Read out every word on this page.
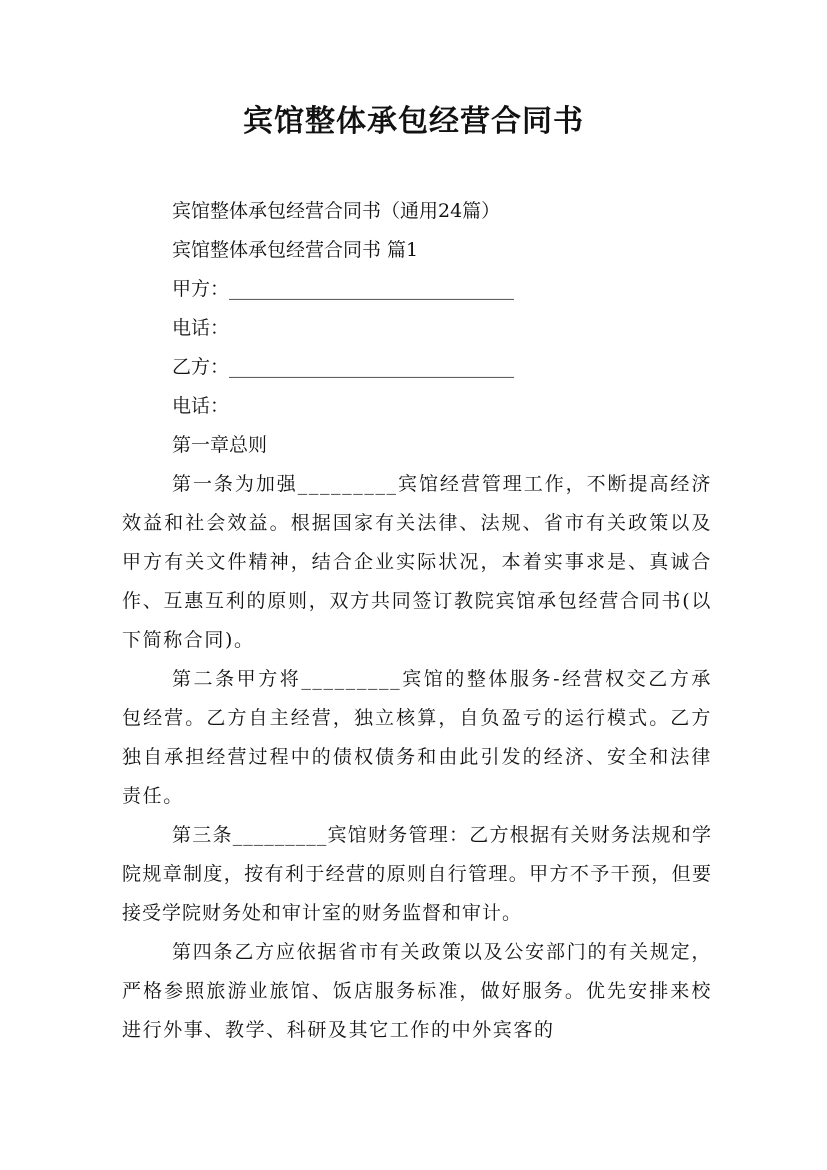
宾馆整体承包经营合同书
宾馆整体承包经营合同书（通用24篇）
宾馆整体承包经营合同书 篇1
甲方：______________________________
电话：
乙方：______________________________
电话：
第一章总则
第一条为加强_________宾馆经营管理工作，不断提高经济效益和社会效益。根据国家有关法律、法规、省市有关政策以及甲方有关文件精神，结合企业实际状况，本着实事求是、真诚合作、互惠互利的原则，双方共同签订教院宾馆承包经营合同书(以下简称合同)。
第二条甲方将_________宾馆的整体服务-经营权交乙方承包经营。乙方自主经营，独立核算，自负盈亏的运行模式。乙方独自承担经营过程中的债权债务和由此引发的经济、安全和法律责任。
第三条_________宾馆财务管理：乙方根据有关财务法规和学院规章制度，按有利于经营的原则自行管理。甲方不予干预，但要接受学院财务处和审计室的财务监督和审计。
第四条乙方应依据省市有关政策以及公安部门的有关规定，严格参照旅游业旅馆、饭店服务标准，做好服务。优先安排来校进行外事、教学、科研及其它工作的中外宾客的
